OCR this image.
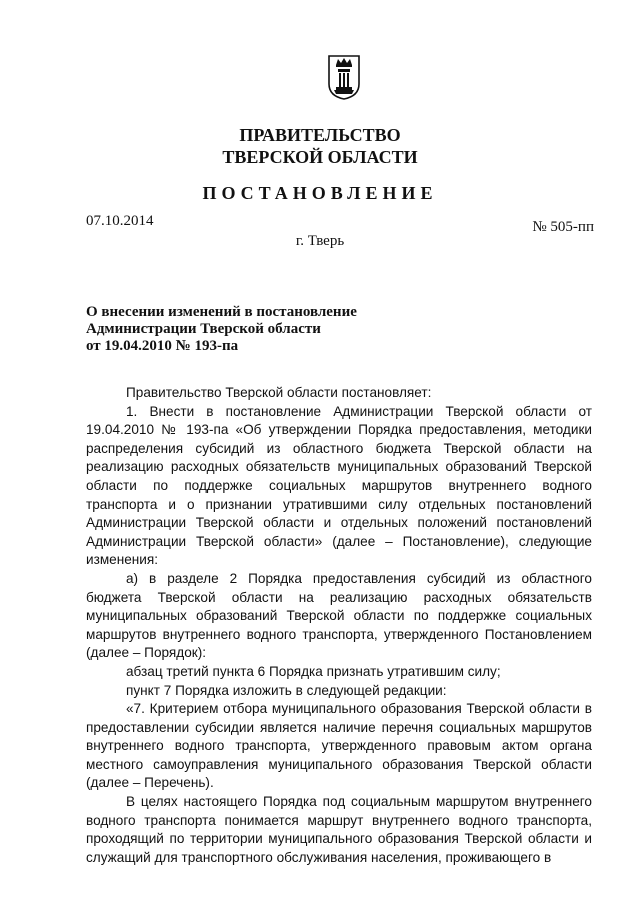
ПРАВИТЕЛЬСТВО
ТВЕРСКОЙ ОБЛАСТИ
ПОСТАНОВЛЕНИЕ
07.10.2014	№ 505-пп
г. Тверь
О внесении изменений в постановление
Администрации Тверской области
от 19.04.2010 № 193-па

Правительство Тверской области постановляет:

1. Внести в постановление Администрации Тверской области от 19.04.2010 № 193-па «Об утверждении Порядка предоставления, методики распределения субсидий из областного бюджета Тверской области на реализацию расходных обязательств муниципальных образований Тверской области по поддержке социальных маршрутов внутреннего водного транспорта и о признании утратившими силу отдельных постановлений Администрации Тверской области и отдельных положений постановлений Администрации Тверской области» (далее – Постановление), следующие изменения:

а) в разделе 2 Порядка предоставления субсидий из областного бюджета Тверской области на реализацию расходных обязательств муниципальных образований Тверской области по поддержке социальных маршрутов внутреннего водного транспорта, утвержденного Постановлением (далее – Порядок):

абзац третий пункта 6 Порядка признать утратившим силу;

пункт 7 Порядка изложить в следующей редакции:

«7. Критерием отбора муниципального образования Тверской области в предоставлении субсидии является наличие перечня социальных маршрутов внутреннего водного транспорта, утвержденного правовым актом органа местного самоуправления муниципального образования Тверской области (далее – Перечень).

В целях настоящего Порядка под социальным маршрутом внутреннего водного транспорта понимается маршрут внутреннего водного транспорта, проходящий по территории муниципального образования Тверской области и служащий для транспортного обслуживания населения, проживающего в
